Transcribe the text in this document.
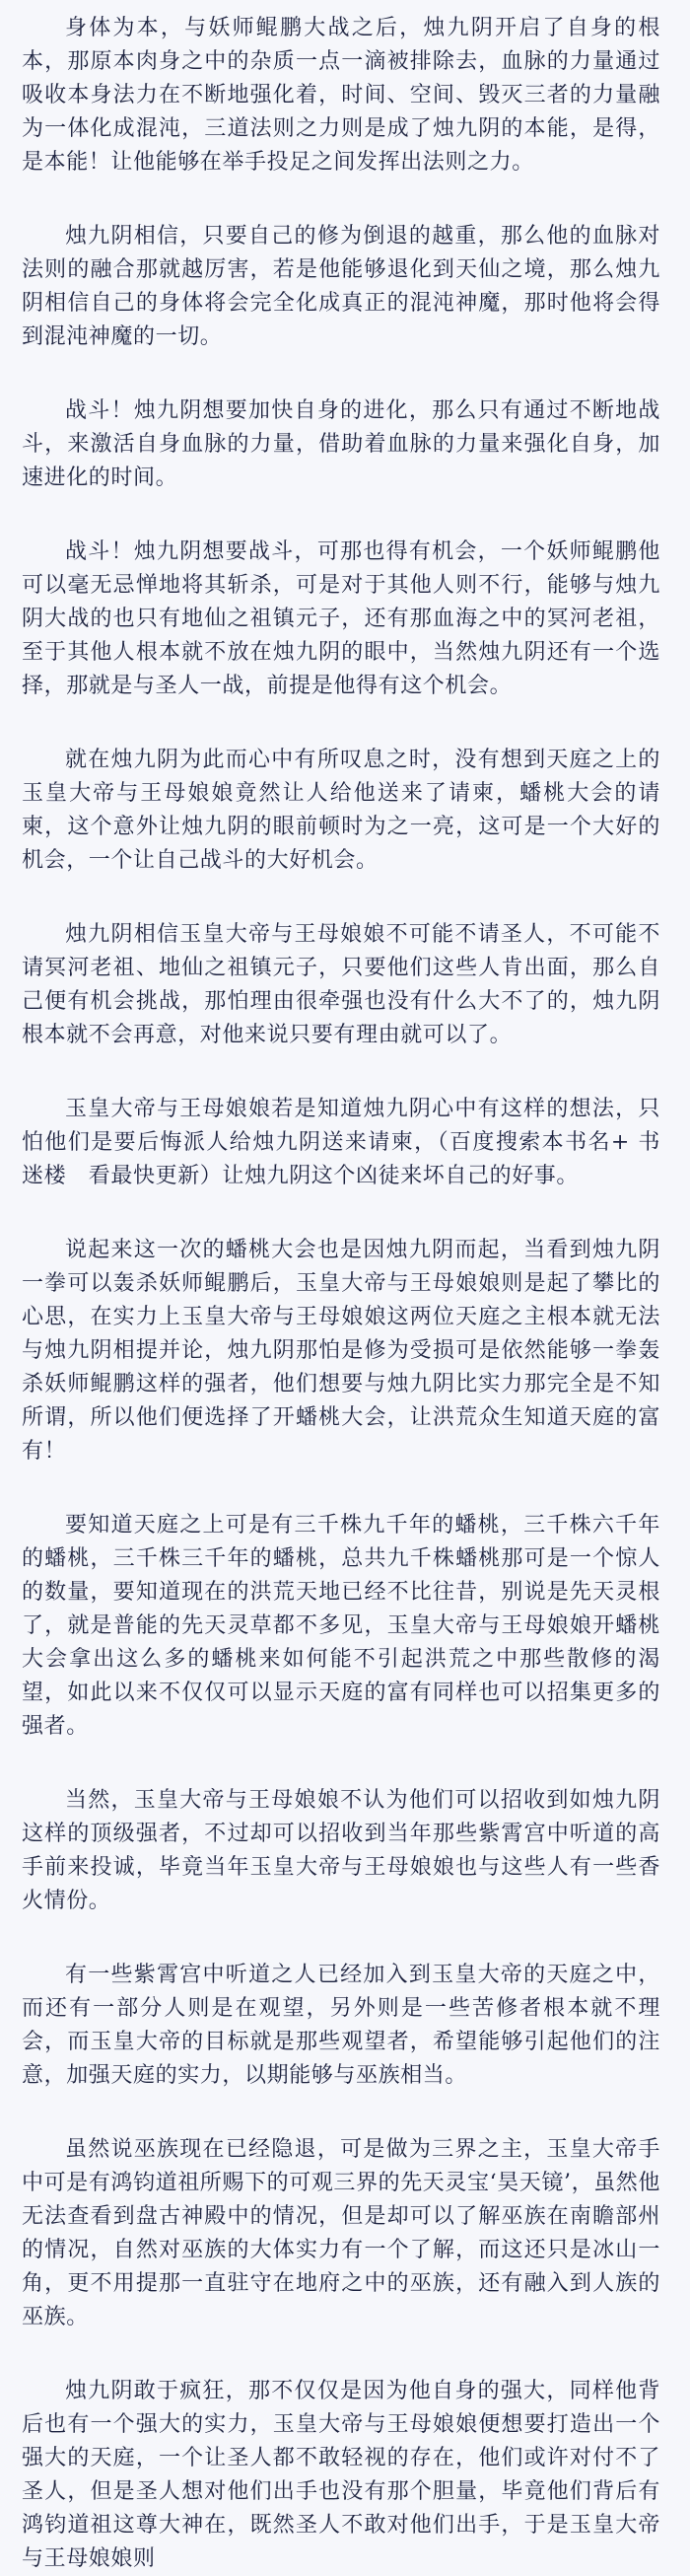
身体为本，与妖师鲲鹏大战之后，烛九阴开启了自身的根本，那原本肉身之中的杂质一点一滴被排除去，血脉的力量通过吸收本身法力在不断地强化着，时间、空间、毁灭三者的力量融为一体化成混沌，三道法则之力则是成了烛九阴的本能，是得，是本能！让他能够在举手投足之间发挥出法则之力。

烛九阴相信，只要自己的修为倒退的越重，那么他的血脉对法则的融合那就越厉害，若是他能够退化到天仙之境，那么烛九阴相信自己的身体将会完全化成真正的混沌神魔，那时他将会得到混沌神魔的一切。

战斗！烛九阴想要加快自身的进化，那么只有通过不断地战斗，来激活自身血脉的力量，借助着血脉的力量来强化自身，加速进化的时间。

战斗！烛九阴想要战斗，可那也得有机会，一个妖师鲲鹏他可以毫无忌惮地将其斩杀，可是对于其他人则不行，能够与烛九阴大战的也只有地仙之祖镇元子，还有那血海之中的冥河老祖，至于其他人根本就不放在烛九阴的眼中，当然烛九阴还有一个选择，那就是与圣人一战，前提是他得有这个机会。

就在烛九阴为此而心中有所叹息之时，没有想到天庭之上的玉皇大帝与王母娘娘竟然让人给他送来了请柬，蟠桃大会的请柬，这个意外让烛九阴的眼前顿时为之一亮，这可是一个大好的机会，一个让自己战斗的大好机会。

烛九阴相信玉皇大帝与王母娘娘不可能不请圣人，不可能不请冥河老祖、地仙之祖镇元子，只要他们这些人肯出面，那么自己便有机会挑战，那怕理由很牵强也没有什么大不了的，烛九阴根本就不会再意，对他来说只要有理由就可以了。

玉皇大帝与王母娘娘若是知道烛九阴心中有这样的想法，只怕他们是要后悔派人给烛九阴送来请柬，（百度搜索本书名+ 书迷楼　看最快更新）让烛九阴这个凶徒来坏自己的好事。

说起来这一次的蟠桃大会也是因烛九阴而起，当看到烛九阴一拳可以轰杀妖师鲲鹏后，玉皇大帝与王母娘娘则是起了攀比的心思，在实力上玉皇大帝与王母娘娘这两位天庭之主根本就无法与烛九阴相提并论，烛九阴那怕是修为受损可是依然能够一拳轰杀妖师鲲鹏这样的强者，他们想要与烛九阴比实力那完全是不知所谓，所以他们便选择了开蟠桃大会，让洪荒众生知道天庭的富有！

要知道天庭之上可是有三千株九千年的蟠桃，三千株六千年的蟠桃，三千株三千年的蟠桃，总共九千株蟠桃那可是一个惊人的数量，要知道现在的洪荒天地已经不比往昔，别说是先天灵根了，就是普能的先天灵草都不多见，玉皇大帝与王母娘娘开蟠桃大会拿出这么多的蟠桃来如何能不引起洪荒之中那些散修的渴望，如此以来不仅仅可以显示天庭的富有同样也可以招集更多的强者。

当然，玉皇大帝与王母娘娘不认为他们可以招收到如烛九阴这样的顶级强者，不过却可以招收到当年那些紫霄宫中听道的高手前来投诚，毕竟当年玉皇大帝与王母娘娘也与这些人有一些香火情份。

有一些紫霄宫中听道之人已经加入到玉皇大帝的天庭之中，而还有一部分人则是在观望，另外则是一些苦修者根本就不理会，而玉皇大帝的目标就是那些观望者，希望能够引起他们的注意，加强天庭的实力，以期能够与巫族相当。

虽然说巫族现在已经隐退，可是做为三界之主，玉皇大帝手中可是有鸿钧道祖所赐下的可观三界的先天灵宝‘昊天镜’，虽然他无法查看到盘古神殿中的情况，但是却可以了解巫族在南瞻部州的情况，自然对巫族的大体实力有一个了解，而这还只是冰山一角，更不用提那一直驻守在地府之中的巫族，还有融入到人族的巫族。

烛九阴敢于疯狂，那不仅仅是因为他自身的强大，同样他背后也有一个强大的实力，玉皇大帝与王母娘娘便想要打造出一个强大的天庭，一个让圣人都不敢轻视的存在，他们或许对付不了圣人，但是圣人想对他们出手也没有那个胆量，毕竟他们背后有鸿钧道祖这尊大神在，既然圣人不敢对他们出手，于是玉皇大帝与王母娘娘则
